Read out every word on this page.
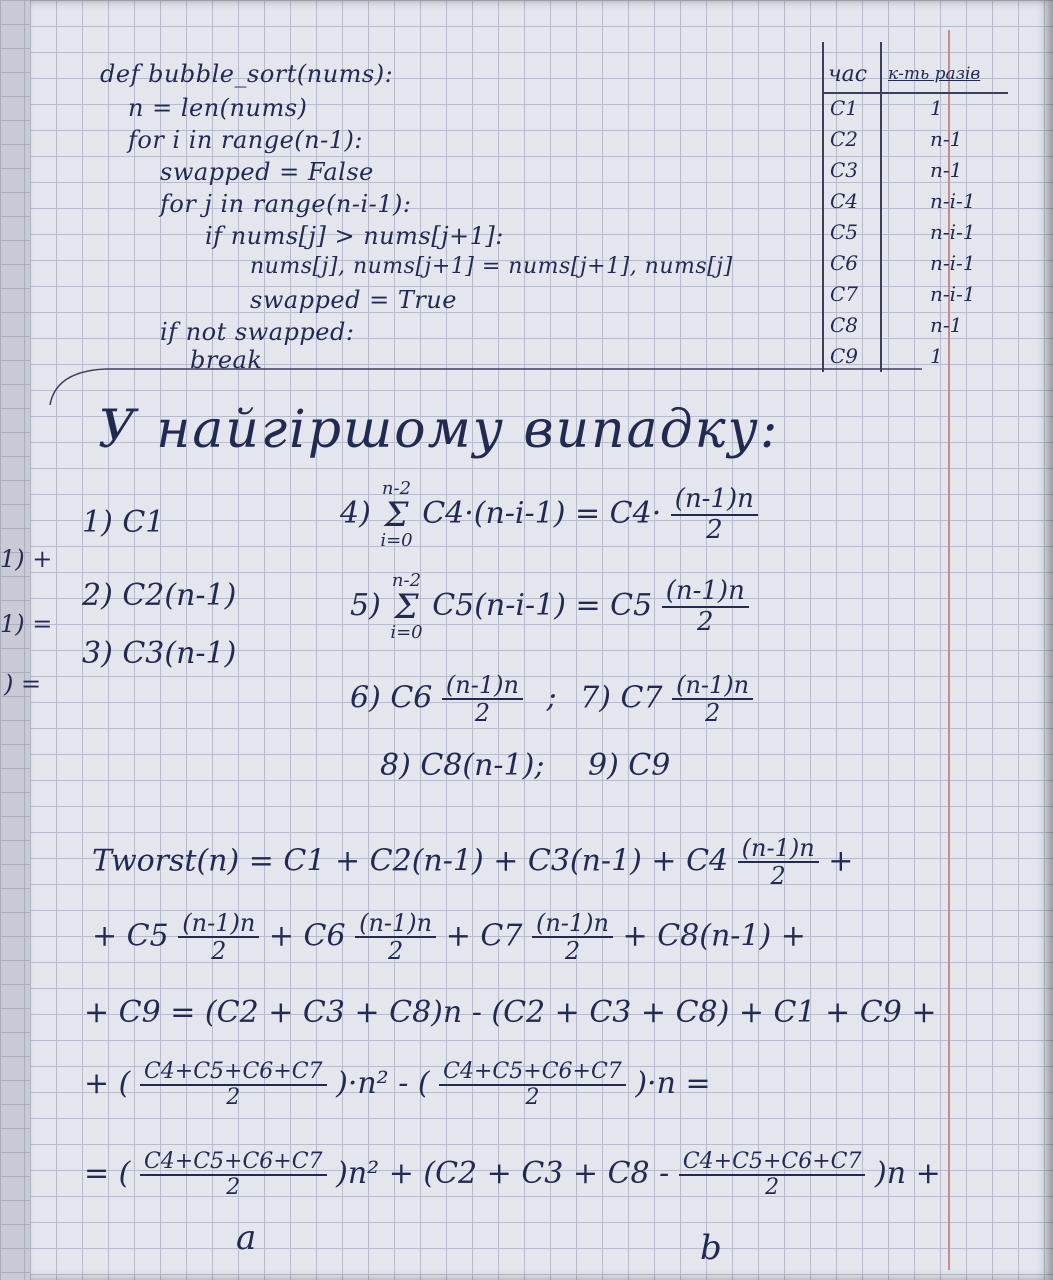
1) +
1) =
) =
def bubble_sort(nums):
n = len(nums)
for i in range(n-1):
swapped = False
for j in range(n-i-1):
if nums[j] > nums[j+1]:
nums[j], nums[j+1] = nums[j+1], nums[j]
swapped = True
if not swapped:
break
час к-ть разів
C1	1
C2	n-1
C3	n-1
C4	n-i-1
C5	n-i-1
C6	n-i-1
C7	n-i-1
C8	n-1
C9	1
У найгіршому випадку:
1) C1
2) C2(n-1)
3) C3(n-1)
4) n-2
Σ
i=0 $C4\cdot(n-i-1) = C4\cdot \frac{(n-1)n}{2}$
5) n-2
Σ
i=0 $C5(n-i-1) = C5 \frac{(n-1)n}{2}$
6) $C6 \frac{(n-1)n}{2}$ ; 7) $C7 \frac{(n-1)n}{2}$
8) C8(n-1); 9) C9
Tworst(n) = $C1 + C2(n-1) + C3(n-1) + C4 \frac{(n-1)n}{2}$ +
+ $C5 \frac{(n-1)n}{2} + C6 \frac{(n-1)n}{2} + C7 \frac{(n-1)n}{2} + C8(n-1)$ +
+ C9 = (C2 + C3 + C8)n - (C2 + C3 + C8) + C1 + C9 +
+ ( $\frac{C4+C5+C6+C7}{2} )\cdot n^2$ - ( $\frac{C4+C5+C6+C7}{2} )\cdot n$ =
= ( $\frac{C4+C5+C6+C7}{2} )n^2 + (C2 + C3 + C8 - \frac{C4+C5+C6+C7}{2} )n$ +
a	b
